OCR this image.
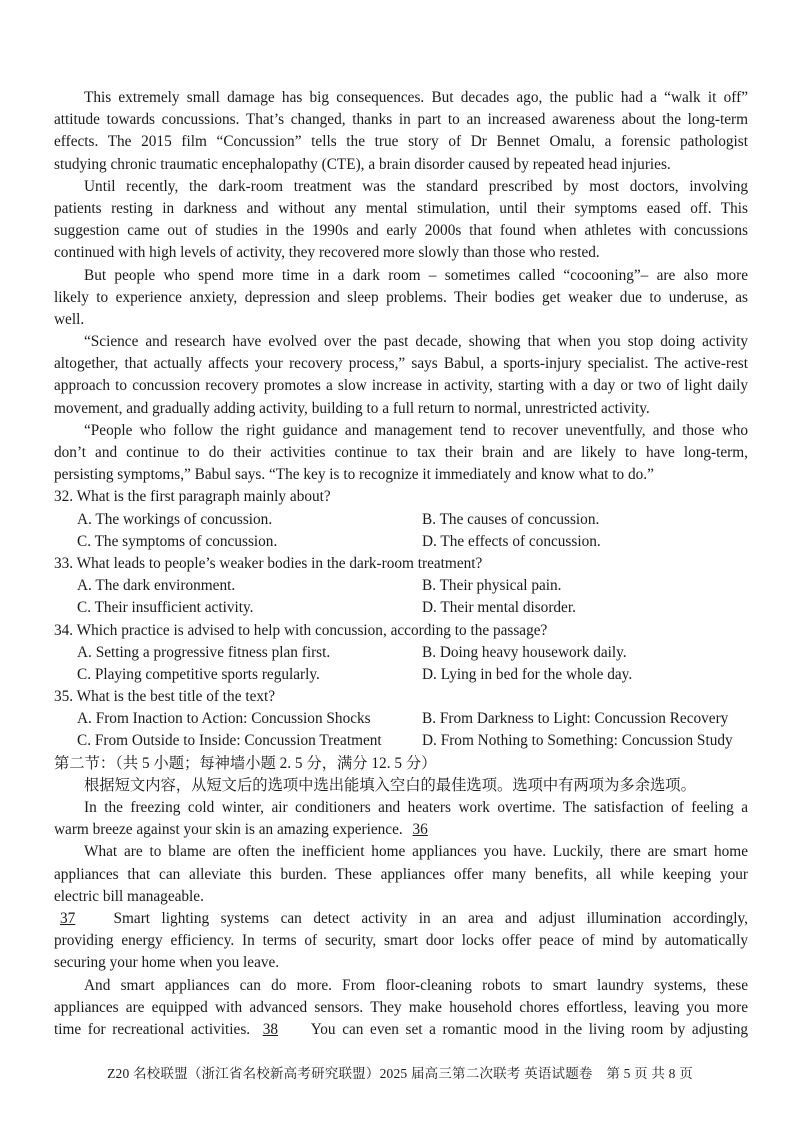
This extremely small damage has big consequences. But decades ago, the public had a “walk it off”
attitude towards concussions. That’s changed, thanks in part to an increased awareness about the long-term
effects. The 2015 film “Concussion” tells the true story of Dr Bennet Omalu, a forensic pathologist
studying chronic traumatic encephalopathy (CTE), a brain disorder caused by repeated head injuries.
Until recently, the dark-room treatment was the standard prescribed by most doctors, involving
patients resting in darkness and without any mental stimulation, until their symptoms eased off. This
suggestion came out of studies in the 1990s and early 2000s that found when athletes with concussions
continued with high levels of activity, they recovered more slowly than those who rested.
But people who spend more time in a dark room – sometimes called “cocooning”– are also more
likely to experience anxiety, depression and sleep problems. Their bodies get weaker due to underuse, as
well.
“Science and research have evolved over the past decade, showing that when you stop doing activity
altogether, that actually affects your recovery process,” says Babul, a sports-injury specialist. The active-rest
approach to concussion recovery promotes a slow increase in activity, starting with a day or two of light daily
movement, and gradually adding activity, building to a full return to normal, unrestricted activity.
“People who follow the right guidance and management tend to recover uneventfully, and those who
don’t and continue to do their activities continue to tax their brain and are likely to have long-term,
persisting symptoms,” Babul says. “The key is to recognize it immediately and know what to do.”
32. What is the first paragraph mainly about?
A. The workings of concussion.	B. The causes of concussion.
C. The symptoms of concussion.	D. The effects of concussion.
33. What leads to people’s weaker bodies in the dark-room treatment?
A. The dark environment.	B. Their physical pain.
C. Their insufficient activity.	D. Their mental disorder.
34. Which practice is advised to help with concussion, according to the passage?
A. Setting a progressive fitness plan first.	B. Doing heavy housework daily.
C. Playing competitive sports regularly.	D. Lying in bed for the whole day.
35. What is the best title of the text?
A. From Inaction to Action: Concussion Shocks	B. From Darkness to Light: Concussion Recovery
C. From Outside to Inside: Concussion Treatment	D. From Nothing to Something: Concussion Study
第二节：（共 5 小题；每神墙小题 2. 5 分，满分 12. 5 分）
根据短文内容，从短文后的选项中选出能填入空白的最佳选项。选项中有两项为多余选项。
In the freezing cold winter, air conditioners and heaters work overtime. The satisfaction of feeling a
warm breeze against your skin is an amazing experience. 36
What are to blame are often the inefficient home appliances you have. Luckily, there are smart home
appliances that can alleviate this burden. These appliances offer many benefits, all while keeping your
electric bill manageable.
37 Smart lighting systems can detect activity in an area and adjust illumination accordingly,
providing energy efficiency. In terms of security, smart door locks offer peace of mind by automatically
securing your home when you leave.
And smart appliances can do more. From floor-cleaning robots to smart laundry systems, these
appliances are equipped with advanced sensors. They make household chores effortless, leaving you more
time for recreational activities. 38 You can even set a romantic mood in the living room by adjusting
Z20 名校联盟（浙江省名校新高考研究联盟）2025 届高三第二次联考 英语试题卷　第 5 页 共 8 页
